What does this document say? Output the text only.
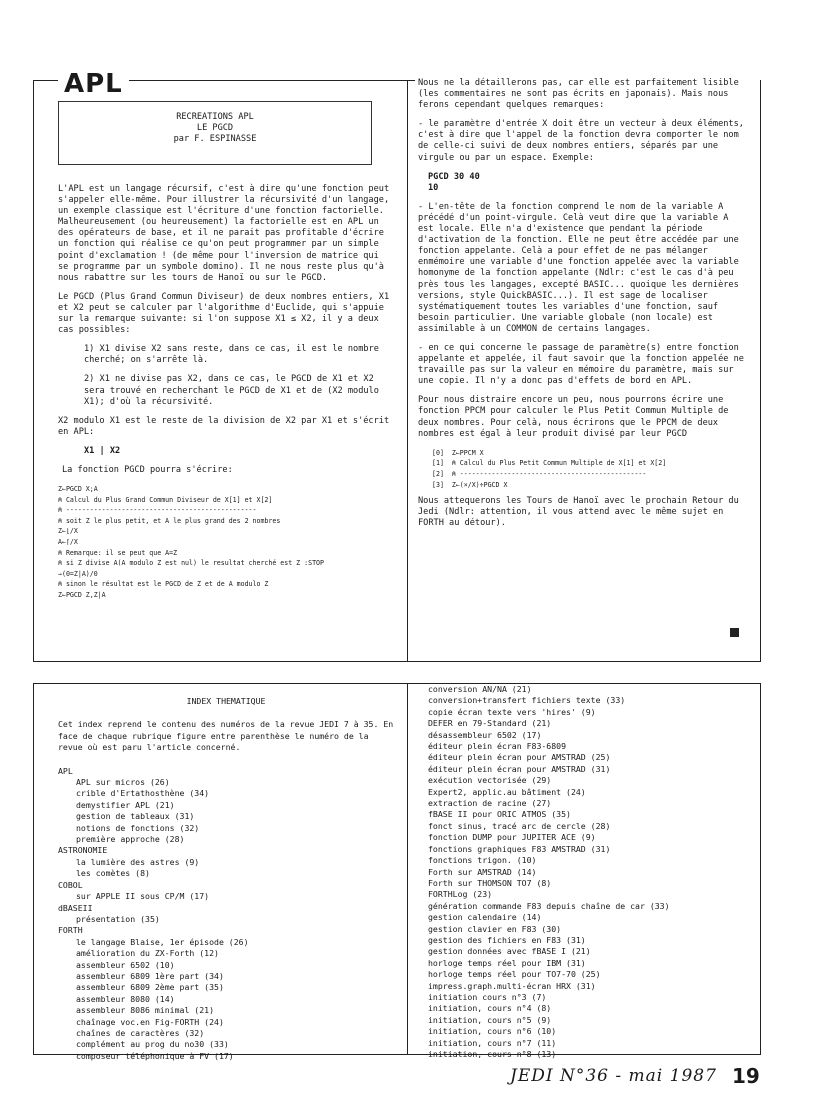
APL
RECREATIONS APL
LE PGCD
par F. ESPINASSE

L'APL est un langage récursif, c'est à dire qu'une fonction peut s'appeler elle-même. Pour illustrer la récursivité d'un langage, un exemple classique est l'écriture d'une fonction factorielle. Malheureusement (ou heureusement) la factorielle est en APL un des opérateurs de base, et il ne parait pas profitable d'écrire un fonction qui réalise ce qu'on peut programmer par un simple point d'exclamation ! (de même pour l'inversion de matrice qui se programme par un symbole domino). Il ne nous reste plus qu'à nous rabattre sur les tours de Hanoï ou sur le PGCD.

Le PGCD (Plus Grand Commun Diviseur) de deux nombres entiers, X1 et X2 peut se calculer par l'algorithme d'Euclide, qui s'appuie sur la remarque suivante: si l'on suppose X1 ≤ X2, il y a deux cas possibles:

1) X1 divise X2 sans reste, dans ce cas, il est le nombre cherché; on s'arrête là.

2) X1 ne divise pas X2, dans ce cas, le PGCD de X1 et X2 sera trouvé en recherchant le PGCD de X1 et de (X2 modulo X1); d'où la récursivité.

X2 modulo X1 est le reste de la division de X2 par X1 et s'écrit en APL:

X1 | X2

La fonction PGCD pourra s'écrire:

Z←PGCD X;A
⍝ Calcul du Plus Grand Commun Diviseur de X[1] et X[2]
⍝ ------------------------------------------------
⍝ soit Z le plus petit, et A le plus grand des 2 nombres
Z←⌊/X
A←⌈/X
⍝ Remarque: il se peut que A=Z
⍝ si Z divise A(A modulo Z est nul) le resultat cherché est Z :STOP
→(0=Z|A)/0
⍝ sinon le résultat est le PGCD de Z et de A modulo Z
Z←PGCD Z,Z|A

Nous ne la détaillerons pas, car elle est parfaitement lisible (les commentaires ne sont pas écrits en japonais). Mais nous ferons cependant quelques remarques:

- le paramètre d'entrée X doit être un vecteur à deux éléments, c'est à dire que l'appel de la fonction devra comporter le nom de celle-ci suivi de deux nombres entiers, séparés par une virgule ou par un espace. Exemple:

PGCD 30 40
10

- L'en-tête de la fonction comprend le nom de la variable A précédé d'un point-virgule. Celà veut dire que la variable A est locale. Elle n'a d'existence que pendant la période d'activation de la fonction. Elle ne peut être accédée par une fonction appelante. Celà a pour effet de ne pas mélanger enmémoire une variable d'une fonction appelée avec la variable homonyme de la fonction appelante (Ndlr: c'est le cas d'à peu près tous les langages, excepté BASIC... quoique les dernières versions, style QuickBASIC...). Il est sage de localiser systématiquement toutes les variables d'une fonction, sauf besoin particulier. Une variable globale (non locale) est assimilable à un COMMON de certains langages.

- en ce qui concerne le passage de paramètre(s) entre fonction appelante et appelée, il faut savoir que la fonction appelée ne travaille pas sur la valeur en mémoire du paramètre, mais sur une copie. Il n'y a donc pas d'effets de bord en APL.

Pour nous distraire encore un peu, nous pourrons écrire une fonction PPCM pour calculer le Plus Petit Commun Multiple de deux nombres. Pour celà, nous écrirons que le PPCM de deux nombres est égal à leur produit divisé par leur PGCD

[0]  Z←PPCM X
[1]  ⍝ Calcul du Plus Petit Commun Multiple de X[1] et X[2]
[2]  ⍝ -----------------------------------------------
[3]  Z←(×/X)÷PGCD X

Nous attequerons les Tours de Hanoï avec le prochain Retour du Jedi (Ndlr: attention, il vous attend avec le même sujet en FORTH au détour).

INDEX THEMATIQUE

Cet index reprend le contenu des numéros de la revue JEDI 7 à 35. En face de chaque rubrique figure entre parenthèse le numéro de la revue où est paru l'article concerné.

APL
APL sur micros (26)
crible d'Ertathosthène (34)
demystifier APL (21)
gestion de tableaux (31)
notions de fonctions (32)
première approche (28)
ASTRONOMIE
la lumière des astres (9)
les comètes (8)
COBOL
sur APPLE II sous CP/M (17)
dBASEII
présentation (35)
FORTH
le langage Blaise, 1er épisode (26)
amélioration du ZX-Forth (12)
assembleur 6502 (10)
assembleur 6809 1ère part (34)
assembleur 6809 2ème part (35)
assembleur 8080 (14)
assembleur 8086 minimal (21)
chaînage voc.en Fig-FORTH (24)
chaînes de caractères (32)
complément au prog du no30 (33)
composeur téléphonique à FV (17)
conversion AN/NA (21)
conversion+transfert fichiers texte (33)
copie écran texte vers 'hires' (9)
DEFER en 79-Standard (21)
désassembleur 6502 (17)
éditeur plein écran F83-6809
éditeur plein écran pour AMSTRAD (25)
éditeur plein écran pour AMSTRAD (31)
exécution vectorisée (29)
Expert2, applic.au bâtiment (24)
extraction de racine (27)
fBASE II pour ORIC ATMOS (35)
fonct sinus, tracé arc de cercle (28)
fonction DUMP pour JUPITER ACE (9)
fonctions graphiques F83 AMSTRAD (31)
fonctions trigon. (10)
Forth sur AMSTRAD (14)
Forth sur THOMSON TO7 (8)
FORTHLog (23)
génération commande F83 depuis chaîne de car (33)
gestion calendaire (14)
gestion clavier en F83 (30)
gestion des fichiers en F83 (31)
gestion données avec fBASE I (21)
horloge temps réel pour IBM (31)
horloge temps réel pour TO7-70 (25)
impress.graph.multi-écran HRX (31)
initiation cours n°3 (7)
initiation, cours n°4 (8)
initiation, cours n°5 (9)
initiation, cours n°6 (10)
initiation, cours n°7 (11)
initiation, cours n°8 (13)
JEDI N°36 - mai 1987 19
